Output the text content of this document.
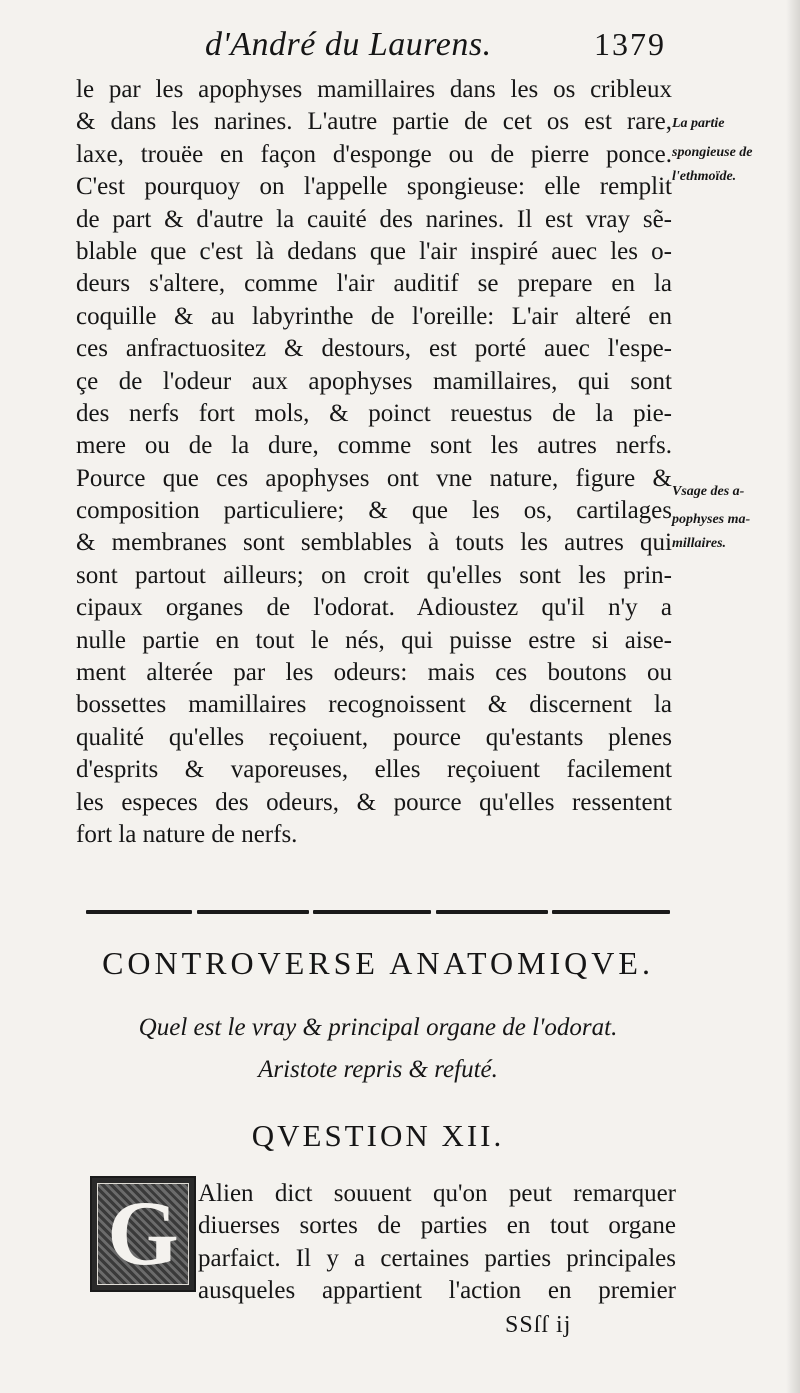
d'André du Laurens.	1379
le par les apophyses mamillaires dans les os cribleux
& dans les narines. L'autre partie de cet os est rare,
laxe, trouëe en façon d'esponge ou de pierre ponce.
C'est pourquoy on l'appelle spongieuse: elle remplit
de part & d'autre la cauité des narines. Il est vray sẽ-
blable que c'est là dedans que l'air inspiré auec les o-
deurs s'altere, comme l'air auditif se prepare en la
coquille & au labyrinthe de l'oreille: L'air alteré en
ces anfractuositez & destours, est porté auec l'espe-
çe de l'odeur aux apophyses mamillaires, qui sont
des nerfs fort mols, & poinct reuestus de la pie-
mere ou de la dure, comme sont les autres nerfs.
Pource que ces apophyses ont vne nature, figure &
composition particuliere; & que les os, cartilages
& membranes sont semblables à touts les autres qui
sont partout ailleurs; on croit qu'elles sont les prin-
cipaux organes de l'odorat. Adioustez qu'il n'y a
nulle partie en tout le nés, qui puisse estre si aise-
ment alterée par les odeurs: mais ces boutons ou
bossettes mamillaires recognoissent & discernent la
qualité qu'elles reçoiuent, pource qu'estants plenes
d'esprits & vaporeuses, elles reçoiuent facilement
les especes des odeurs, & pource qu'elles ressentent
fort la nature de nerfs.
La partie
spongieuse de
l'ethmoïde.
Vsage des a-
pophyses ma-
millaires.
CONTROVERSE ANATOMIQVE.
Quel est le vray & principal organe de l'odorat.
Aristote repris & refuté.
QVESTION XII.
G Alien dict souuent qu'on peut remarquer
diuerses sortes de parties en tout organe
parfaict. Il y a certaines parties principales
ausqueles appartient l'action en premier
SSſſ ij
